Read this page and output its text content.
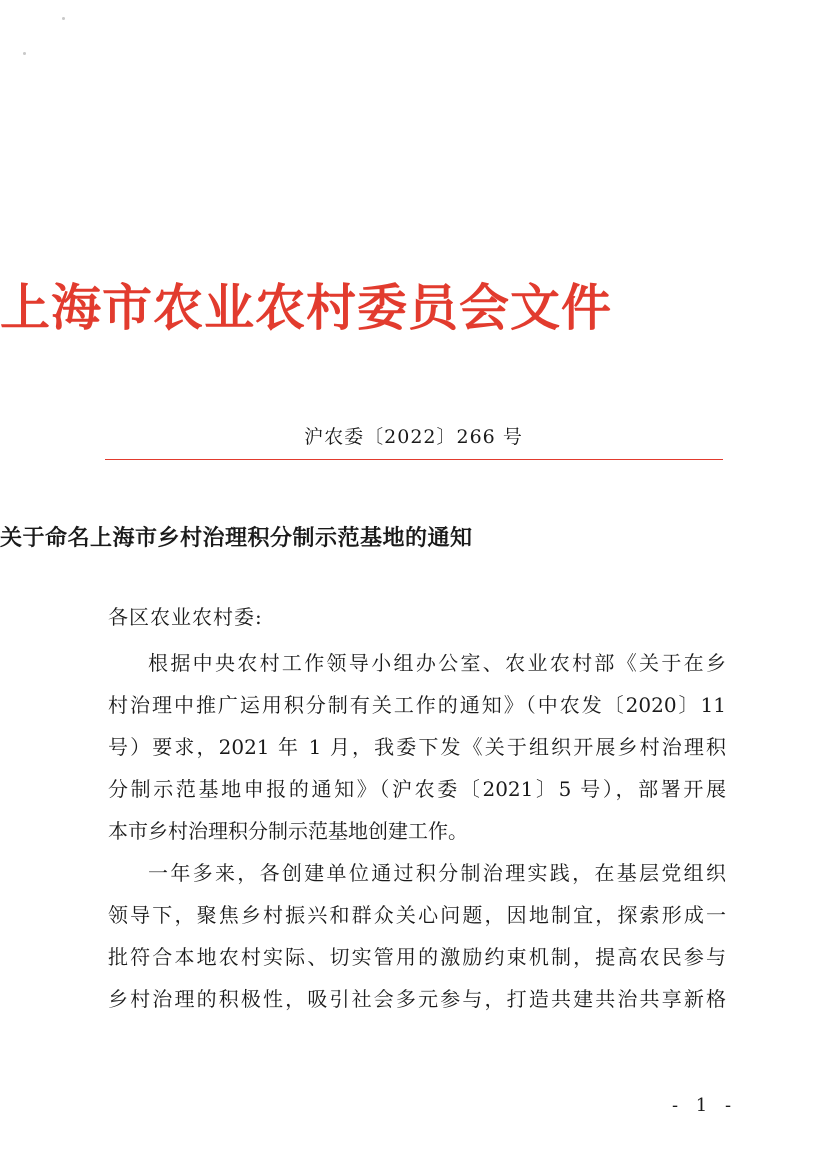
上海市农业农村委员会文件
沪农委〔2022〕266 号
关于命名上海市乡村治理积分制示范基地的通知
各区农业农村委:
根据中央农村工作领导小组办公室、农业农村部《关于在乡
村治理中推广运用积分制有关工作的通知》（中农发〔2020〕11
号）要求，2021 年 1 月，我委下发《关于组织开展乡村治理积
分制示范基地申报的通知》（沪农委〔2021〕5 号），部署开展
本市乡村治理积分制示范基地创建工作。
一年多来，各创建单位通过积分制治理实践，在基层党组织
领导下，聚焦乡村振兴和群众关心问题，因地制宜，探索形成一
批符合本地农村实际、切实管用的激励约束机制，提高农民参与
乡村治理的积极性，吸引社会多元参与，打造共建共治共享新格
- 1 -
